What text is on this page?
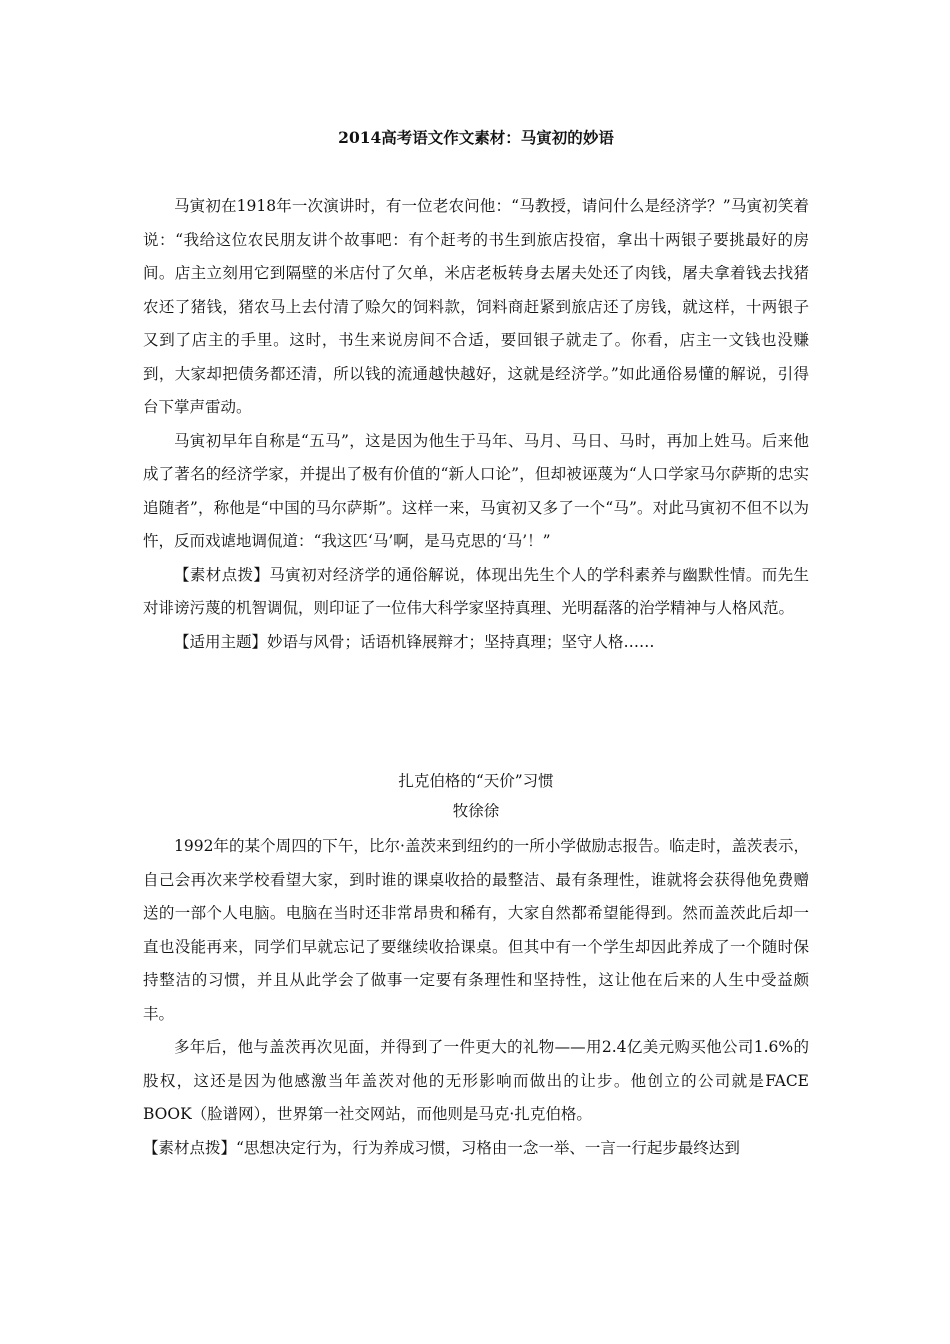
2014高考语文作文素材：马寅初的妙语

马寅初在1918年一次演讲时，有一位老农问他：“马教授，请问什么是经济学？”马寅初笑着说：“我给这位农民朋友讲个故事吧：有个赶考的书生到旅店投宿，拿出十两银子要挑最好的房间。店主立刻用它到隔壁的米店付了欠单，米店老板转身去屠夫处还了肉钱，屠夫拿着钱去找猪农还了猪钱，猪农马上去付清了赊欠的饲料款，饲料商赶紧到旅店还了房钱，就这样，十两银子又到了店主的手里。这时，书生来说房间不合适，要回银子就走了。你看，店主一文钱也没赚到，大家却把债务都还清，所以钱的流通越快越好，这就是经济学。”如此通俗易懂的解说，引得台下掌声雷动。

马寅初早年自称是“五马”，这是因为他生于马年、马月、马日、马时，再加上姓马。后来他成了著名的经济学家，并提出了极有价值的“新人口论”，但却被诬蔑为“人口学家马尔萨斯的忠实追随者”，称他是“中国的马尔萨斯”。这样一来，马寅初又多了一个“马”。对此马寅初不但不以为忤，反而戏谑地调侃道：“我这匹‘马’啊，是马克思的‘马’！”

【素材点拨】马寅初对经济学的通俗解说，体现出先生个人的学科素养与幽默性情。而先生对诽谤污蔑的机智调侃，则印证了一位伟大科学家坚持真理、光明磊落的治学精神与人格风范。

【适用主题】妙语与风骨；话语机锋展辩才；坚持真理；坚守人格……

扎克伯格的“天价”习惯
牧徐徐

1992年的某个周四的下午，比尔·盖茨来到纽约的一所小学做励志报告。临走时，盖茨表示，自己会再次来学校看望大家，到时谁的课桌收拾的最整洁、最有条理性，谁就将会获得他免费赠送的一部个人电脑。电脑在当时还非常昂贵和稀有，大家自然都希望能得到。然而盖茨此后却一直也没能再来，同学们早就忘记了要继续收拾课桌。但其中有一个学生却因此养成了一个随时保持整洁的习惯，并且从此学会了做事一定要有条理性和坚持性，这让他在后来的人生中受益颇丰。

多年后，他与盖茨再次见面，并得到了一件更大的礼物——用2.4亿美元购买他公司1.6%的股权，这还是因为他感激当年盖茨对他的无形影响而做出的让步。他创立的公司就是FACE BOOK（脸谱网），世界第一社交网站，而他则是马克·扎克伯格。

【素材点拨】“思想决定行为，行为养成习惯，习格由一念一举、一言一行起步最终达到
